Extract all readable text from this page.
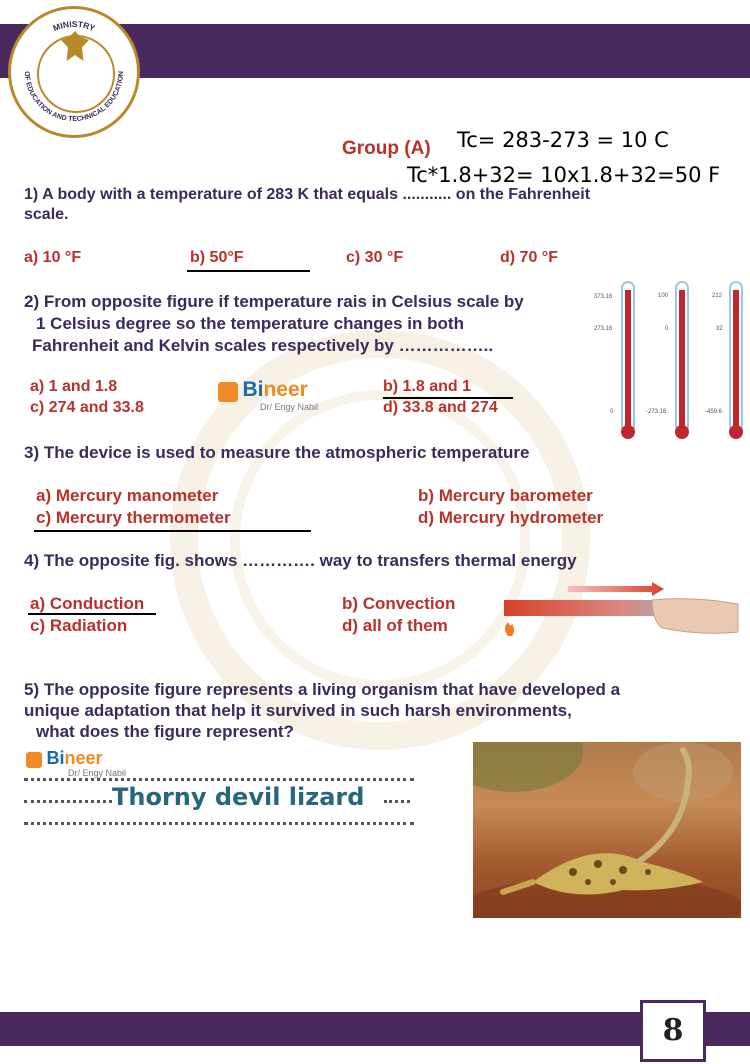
MINISTRY
OF EDUCATION AND TECHNICAL EDUCATION
Group (A) Tc= 283-273 = 10 C
Tc*1.8+32= 10x1.8+32=50 F
1) A body with a temperature of 283 K that equals ........... on the Fahrenheit
scale.
a) 10 °F	b) 50°F	c) 30 °F	d) 70 °F
2) From opposite figure if temperature rais in Celsius scale by
1 Celsius degree so the temperature changes in both
Fahrenheit and Kelvin scales respectively by ……………..
a) 1 and 1.8	b) 1.8 and 1
c) 274 and 33.8	d) 33.8 and 274
Bineer
Dr/ Engy Nabil
373.16
273.16
0
100
0
-273.16
212
32
-459.6
3) The device is used to measure the atmospheric temperature
a) Mercury manometer	b) Mercury barometer
c) Mercury thermometer	d) Mercury hydrometer
4) The opposite fig. shows …………. way to transfers thermal energy
a) Conduction	b) Convection
c) Radiation	d) all of them
5) The opposite figure represents a living organism that have developed a
unique adaptation that help it survived in such harsh environments,
what does the figure represent?
Bineer
Dr/ Engy Nabil
Thorny devil lizard
8
